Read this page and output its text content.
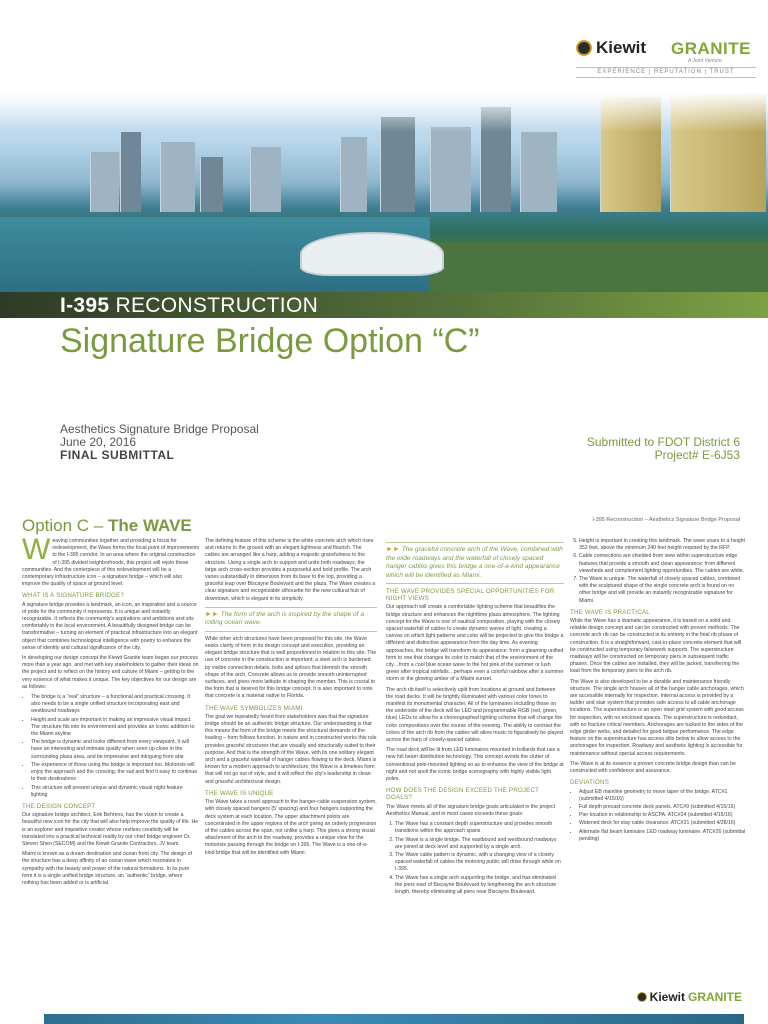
Kiewit GRANITE
A Joint Venture
EXPERIENCE | REPUTATION | TRUST
I-395 RECONSTRUCTION
Signature Bridge Option “C”
Aesthetics Signature Bridge Proposal
June 20, 2016
FINAL SUBMITTAL
Submitted to FDOT District 6
Project# E-6J53
Option C – The WAVE	I-395 Reconstruction – Aesthetics Signature Bridge Proposal

Weaving communities together and providing a focus for redevelopment, the Wave forms the focal point of improvements to the I-395 corridor. In an area where the original construction of I-395 divided neighborhoods, this project will rejoin these communities. And the centerpiece of this redevelopment will be a contemporary infrastructure icon – a signature bridge – which will also improve the quality of space at ground level.

WHAT IS A SIGNATURE BRIDGE?

A signature bridge provides a landmark, an icon, an inspiration and a source of pride for the community it represents. It is unique and instantly recognizable. It reflects the community's aspirations and ambitions and sits comfortably in the local environment. A beautifully designed bridge can be transformative – turning an element of practical infrastructure into an elegant object that combines technological intelligence with poetry to enhance the sense of identity and cultural significance of the city.

In developing our design concept the Kiewit Granite team began our process more than a year ago, and met with key stakeholders to gather their ideas on the project and to reflect on the history and culture of Miami – getting to the very essence of what makes it unique. The key objectives for our design are as follows:

• The bridge is a “real” structure – a functional and practical crossing. It also needs to be a single unified structure incorporating east and westbound roadways
• Height and scale are important in making an impressive visual impact. The structure fits into its environment and provides an iconic addition to the Miami skyline
• The bridge is dynamic and looks different from every viewpoint. It will have an interesting and intimate quality when seen up close in the surrounding plaza area, and be impressive and intriguing from afar
• The experience of those using the bridge is important too. Motorists will enjoy the approach and the crossing, the sail and find it easy to continue to their destinations
• This structure will present unique and dynamic visual night feature lighting
THE DESIGN CONCEPT

Our signature bridge architect, Erik Behrens, has the vision to create a beautiful new icon for the city that will also help improve the quality of life. He is an explorer and inquisitive creator whose restless creativity will be translated into a practical technical reality by our chief bridge engineer Dr. Steven Shen (SECOM) and the Kiewit Granite Contractors, JV team.

Miami is known as a dream destination and ocean front city. The design of the structure has a deep affinity of an ocean wave which resonates in sympathy with the beauty and power of the natural formations. In its pure form it is a single unified bridge structure, an “authentic” bridge, where nothing has been added or is artificial.

The defining feature of this scheme is the white concrete arch which rises and returns to the ground with an elegant lightness and flourish. The cables are arranged like a harp, adding a majestic gracefulness to the structure. Using a single arch to support and unite both roadways, the large arch cross-section provides a purposeful and bold profile. The arch varies substantially in dimension from its base to the top, providing a graceful leap over Biscayne Boulevard and the plaza. The Wave creates a clear signature and recognizable silhouette for the new cultural hub of downtown, which is elegant in its simplicity.

►► The form of the arch is inspired by the shape of a rolling ocean wave.

While other arch structures have been proposed for this site, the Wave seeks clarity of form in its design concept and execution, providing an elegant bridge structure that is well proportioned in relation to this site. The use of concrete in the construction is important; a steel arch is burdened by visible connection details, bolts and splices that blemish the smooth shape of the arch. Concrete allows us to provide smooth uninterrupted surfaces, and gives more latitude in shaping the member. This is crucial to the form that is desired for this bridge concept. It is also important to note that concrete is a material native to Florida.

THE WAVE SYMBOLIZES MIAMI

The goal we repeatedly heard from stakeholders was that the signature bridge should be an authentic bridge structure. Our understanding is that this means the form of the bridge meets the structural demands of the loading – form follows function. In nature and in constructed works this rule provides graceful structures that are visually and structurally suited to their purpose. And that is the strength of the Wave, with its one solitary elegant arch and a graceful waterfall of hanger cables flowing to the deck. Miami is known for a modern approach to architecture; the Wave is a timeless form that will not go out of style, and it will reflect the city's leadership in clean and graceful architectural design.

THE WAVE IS UNIQUE

The Wave takes a novel approach to the hanger-cable suspension system, with closely spaced hangers (5’ spacing) and four hangers supporting the deck system at each location. The upper attachment points are concentrated in the upper regions of the arch giving an orderly progression of the cables across the span, not unlike a harp. This gives a strong visual attachment of the arch to the roadway, provides a unique view for the motorists passing through the bridge on I-395. The Wave is a one-of-a-kind bridge that will be identified with Miami.

►► The graceful concrete arch of the Wave, combined with the wide roadways and the waterfall of closely spaced hanger cables gives this bridge a one-of-a-kind appearance which will be identified as Miami.
THE WAVE PROVIDES SPECIAL OPPORTUNITIES FOR NIGHT VIEWS

Our approach will create a comfortable lighting scheme that beautifies the bridge structure and enhances the nighttime plaza atmosphere. The lighting concept for the Wave is one of nautical composition, playing with the closely spaced waterfall of cables to create dynamic waves of light, creating a canvas on which light patterns and color will be projected to give this bridge a different and distinctive appearance from the day time. As evening approaches, the bridge will transform its appearance: from a gleaming unified form to one that changes its color to match that of the environment of the city…from a cool blue ocean wave to the hot pink of the summer or lush green after tropical rainfalls…perhaps even a colorful rainbow after a summer storm or the glowing amber of a Miami sunset.

The arch rib itself is selectively uplit from locations at ground and between the road decks. It will be brightly illuminated with various color tones to manifest its monumental character. All of the luminaires including those on the underside of the deck will be LED and programmable RGB (red, green, blue) LEDs to allow for a choreographed lighting scheme that will change the color compositions over the course of the evening. The ability to contrast the colors of the arch rib from the cables will allow music to figuratively be played across the harp of closely-spaced cables.

The road deck will be lit from LED luminaires mounted in bollards that use a new full beam distribution technology. This concept avoids the clutter of conventional pole-mounted lighting so as to enhance the view of the bridge at night and not spoil the iconic bridge scenography with highly visible light poles.

HOW DOES THE DESIGN EXCEED THE PROJECT GOALS?

The Wave meets all of the signature bridge goals articulated in the project Aesthetics Manual, and in most cases exceeds these goals:

1. The Wave has a constant depth superstructure and provides smooth transitions within the approach spans
2. The Wave is a single bridge. The eastbound and westbound roadways are joined at deck level and supported by a single arch.
3. The Wave cable pattern is dynamic, with a changing view of a closely spaced waterfall of cables the motoring public will drive through while on I-395.
4. The Wave has a single arch supporting the bridge, and has eliminated the piers east of Biscayne Boulevard by lengthening the arch structure length, thereby eliminating all piers near Biscayne Boulevard.
5. Height is important in creating this landmark. The wave soars to a height 352 feet, above the minimum 240 feet height required by the RFP.
6. Cable connections are shielded from view within superstructure edge features that provide a smooth and clean appearance; from different viewsheds and complement lighting opportunities. The cables are white.
7. The Wave is unique. The waterfall of closely spaced cables, combined with the sculptured shape of the single concrete arch is found on no other bridge and will provide an instantly recognizable signature for Miami.
THE WAVE IS PRACTICAL

While the Wave has a dramatic appearance, it is based on a solid and reliable design concept and can be constructed with proven methods. The concrete arch rib can be constructed in its entirety in the final rib phase of construction. It is a straightforward, cast-in-place concrete element that will be constructed using temporary falsework supports. The superstructure roadways will be constructed on temporary piers in subsequent traffic phases. Once the cables are installed, they will be jacked, transferring the load from the temporary piers to the arch rib.

The Wave is also developed to be a durable and maintenance friendly structure. The single arch houses all of the hanger cable anchorages, which are accessible internally for inspection. Internal access is provided by a ladder and stair system that provides safe access to all cable anchorage locations. The superstructure is an open steel grid system with good access for inspection, with no enclosed spaces. The superstructure is redundant, with no fracture critical members. Anchorages are tucked to the sides of the edge girder webs, and detailed for good fatigue performance. The edge feature on the superstructure has access slits below to allow access to the anchorages for inspection. Roadway and aesthetic lighting is accessible for maintenance without special access requirements.

The Wave is at its essence a proven concrete bridge design than can be constructed with confidence and assurance.

DEVIATIONS
• Adjust EB mainline geometry to move taper of the bridge. ATC#1 (submitted 4/15/16)
• Full depth precast concrete deck panels. ATC#9 (submitted 4/15/16)
• Pier location in relationship to ASCPA. ATC#24 (submitted 4/15/16)
• Widened deck for stay cable clearance. ATC#21 (submitted 4/28/16)
• Alternate flat beam luminaire LED roadway luminaire. ATC#26 (submittal pending)
Kiewit GRANITE
